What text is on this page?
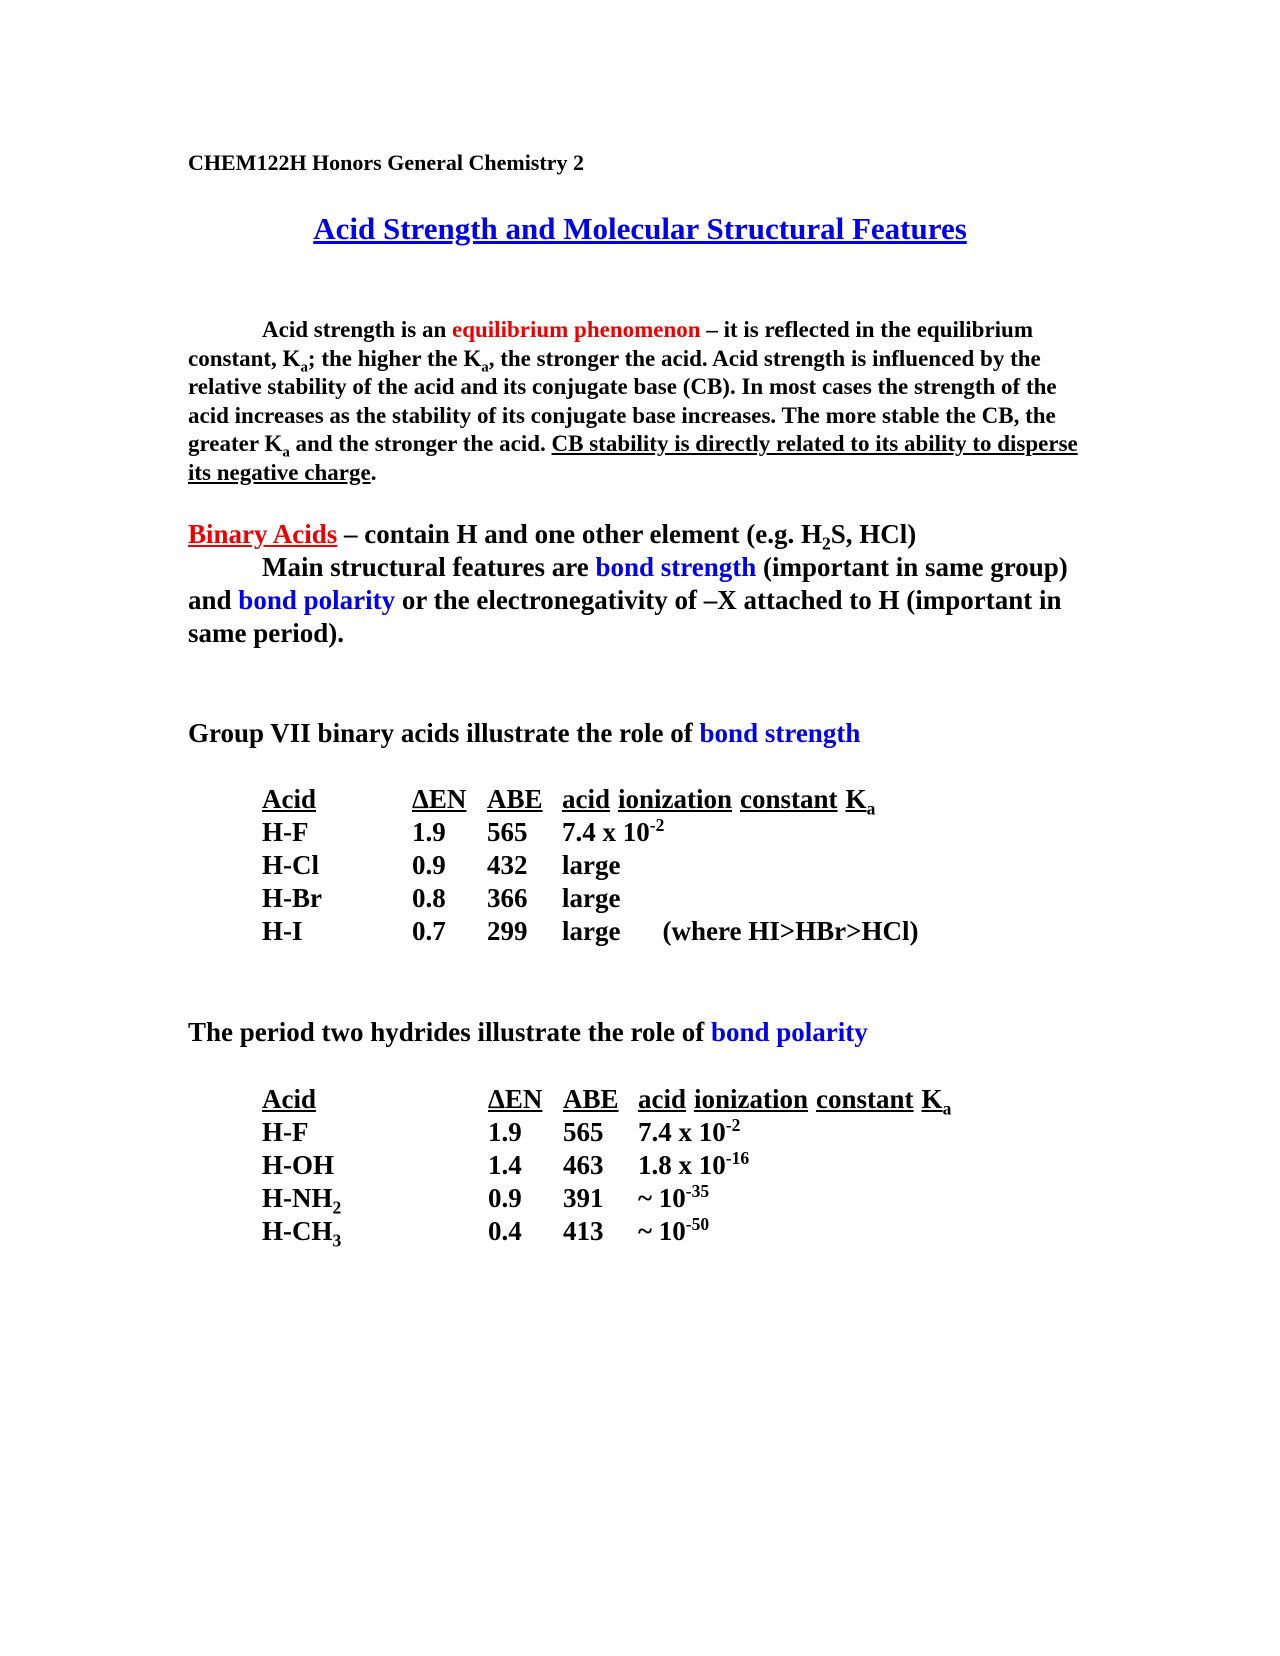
CHEM122H Honors General Chemistry 2
Acid Strength and Molecular Structural Features
Acid strength is an equilibrium phenomenon – it is reflected in the equilibrium constant, $K_a$; the higher the $K_a$, the stronger the acid. Acid strength is influenced by the relative stability of the acid and its conjugate base (CB). In most cases the strength of the acid increases as the stability of its conjugate base increases. The more stable the CB, the greater $K_a$ and the stronger the acid. CB stability is directly related to its ability to disperse its negative charge.
Binary Acids – contain H and one other element (e.g. $H_2S$, HCl)
Main structural features are bond strength (important in same group) and bond polarity or the electronegativity of –X attached to H (important in same period).
Group VII binary acids illustrate the role of bond strength
Acid	ΔEN ABE acid ionization constant $K_a$
H-F	1.9 565 7.4 x $10^{-2}$
H-Cl	0.9 432 large
H-Br	0.8 366 large
H-I	0.7 299 large (where HI>HBr>HCl)
The period two hydrides illustrate the role of bond polarity
Acid	ΔEN ABE acid ionization constant $K_a$
H-F	1.9 565 7.4 x $10^{-2}$
H-OH	1.4 463 1.8 x $10^{-16}$
$H-NH_2$	0.9 391 ~ $10^{-35}$
$H-CH_3$	0.4 413 ~ $10^{-50}$
